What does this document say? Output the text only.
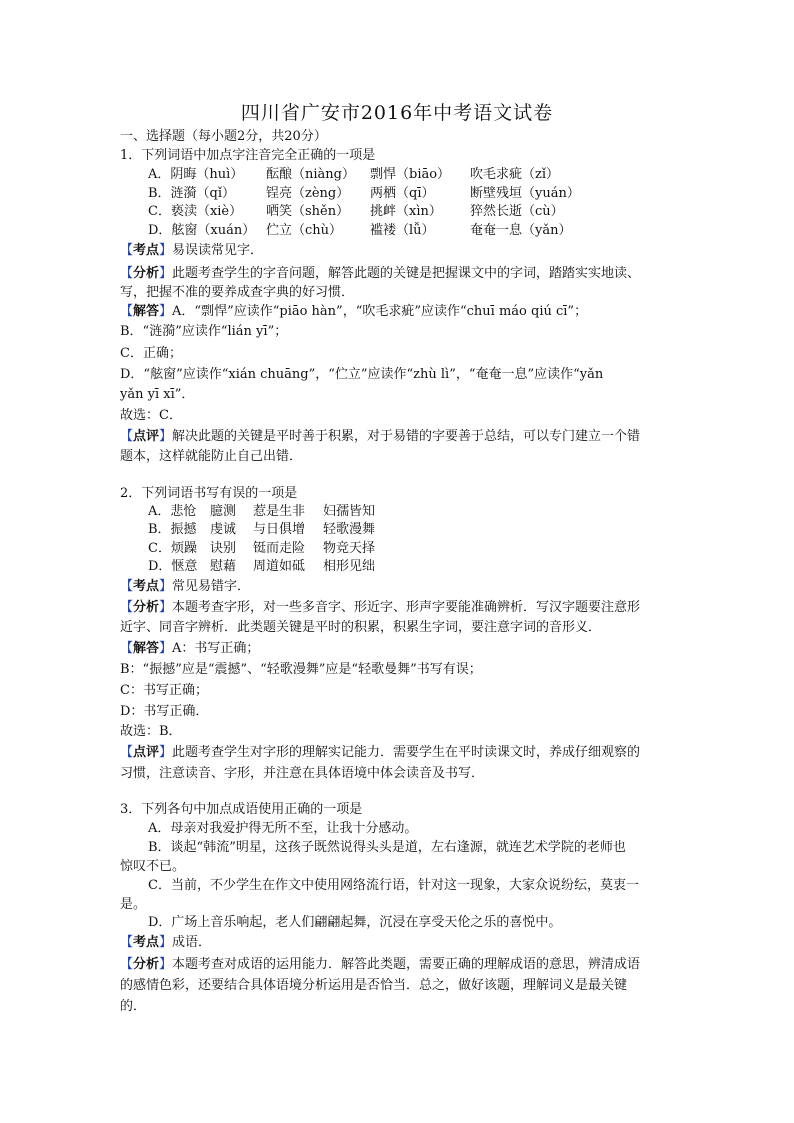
四川省广安市2016年中考语文试卷
一、选择题（每小题2分，共20分）
1．下列词语中加点字注音完全正确的一项是
A．阴晦（huì） 酝酿（niàng） 剽悍（biāo） 吹毛求疵（zǐ）
B．涟漪（qǐ） 锃亮（zèng） 两栖（qī）	断壁残垣（yuán）
C．亵渎（xiè） 哂笑（shěn） 挑衅（xìn） 猝然长逝（cù）
D．舷窗（xuán） 伫立（chù） 褴褛（lǚ）	奄奄一息（yǎn）
【考点】易误读常见字．
【分析】此题考查学生的字音问题，解答此题的关键是把握课文中的字词，踏踏实实地读、
写，把握不准的要养成查字典的好习惯．
【解答】A．“剽悍”应读作“piāo hàn”，“吹毛求疵”应读作“chuī máo qiú cī”；
B．“涟漪”应读作“lián yī”；
C．正确；
D．“舷窗”应读作“xián chuāng”，“伫立”应读作“zhù lì”，“奄奄一息”应读作“yǎn
yǎn yī xī”．
故选：C．
【点评】解决此题的关键是平时善于积累，对于易错的字要善于总结，可以专门建立一个错
题本，这样就能防止自己出错．
2．下列词语书写有误的一项是
A．悲怆 臆测 惹是生非 妇孺皆知
B．振撼 虔诚 与日俱增 轻歌漫舞
C．烦躁 诀别 铤而走险 物竞天择
D．惬意 慰藉 周道如砥 相形见绌
【考点】常见易错字．
【分析】本题考查字形，对一些多音字、形近字、形声字要能准确辨析．写汉字题要注意形
近字、同音字辨析．此类题关键是平时的积累，积累生字词，要注意字词的音形义．
【解答】A：书写正确；
B：“振撼”应是“震撼”、“轻歌漫舞”应是“轻歌曼舞”书写有误；
C：书写正确；
D：书写正确．
故选：B．
【点评】此题考查学生对字形的理解实记能力．需要学生在平时读课文时，养成仔细观察的
习惯，注意读音、字形，并注意在具体语境中体会读音及书写．
3．下列各句中加点成语使用正确的一项是
A．母亲对我爱护得无所不至，让我十分感动。
B．谈起“韩流”明星，这孩子既然说得头头是道，左右逢源，就连艺术学院的老师也
惊叹不已。
C．当前，不少学生在作文中使用网络流行语，针对这一现象，大家众说纷纭，莫衷一
是。
D．广场上音乐响起，老人们翩翩起舞，沉浸在享受天伦之乐的喜悦中。
【考点】成语．
【分析】本题考查对成语的运用能力．解答此类题，需要正确的理解成语的意思，辨清成语
的感情色彩，还要结合具体语境分析运用是否恰当．总之，做好该题，理解词义是最关键
的．
